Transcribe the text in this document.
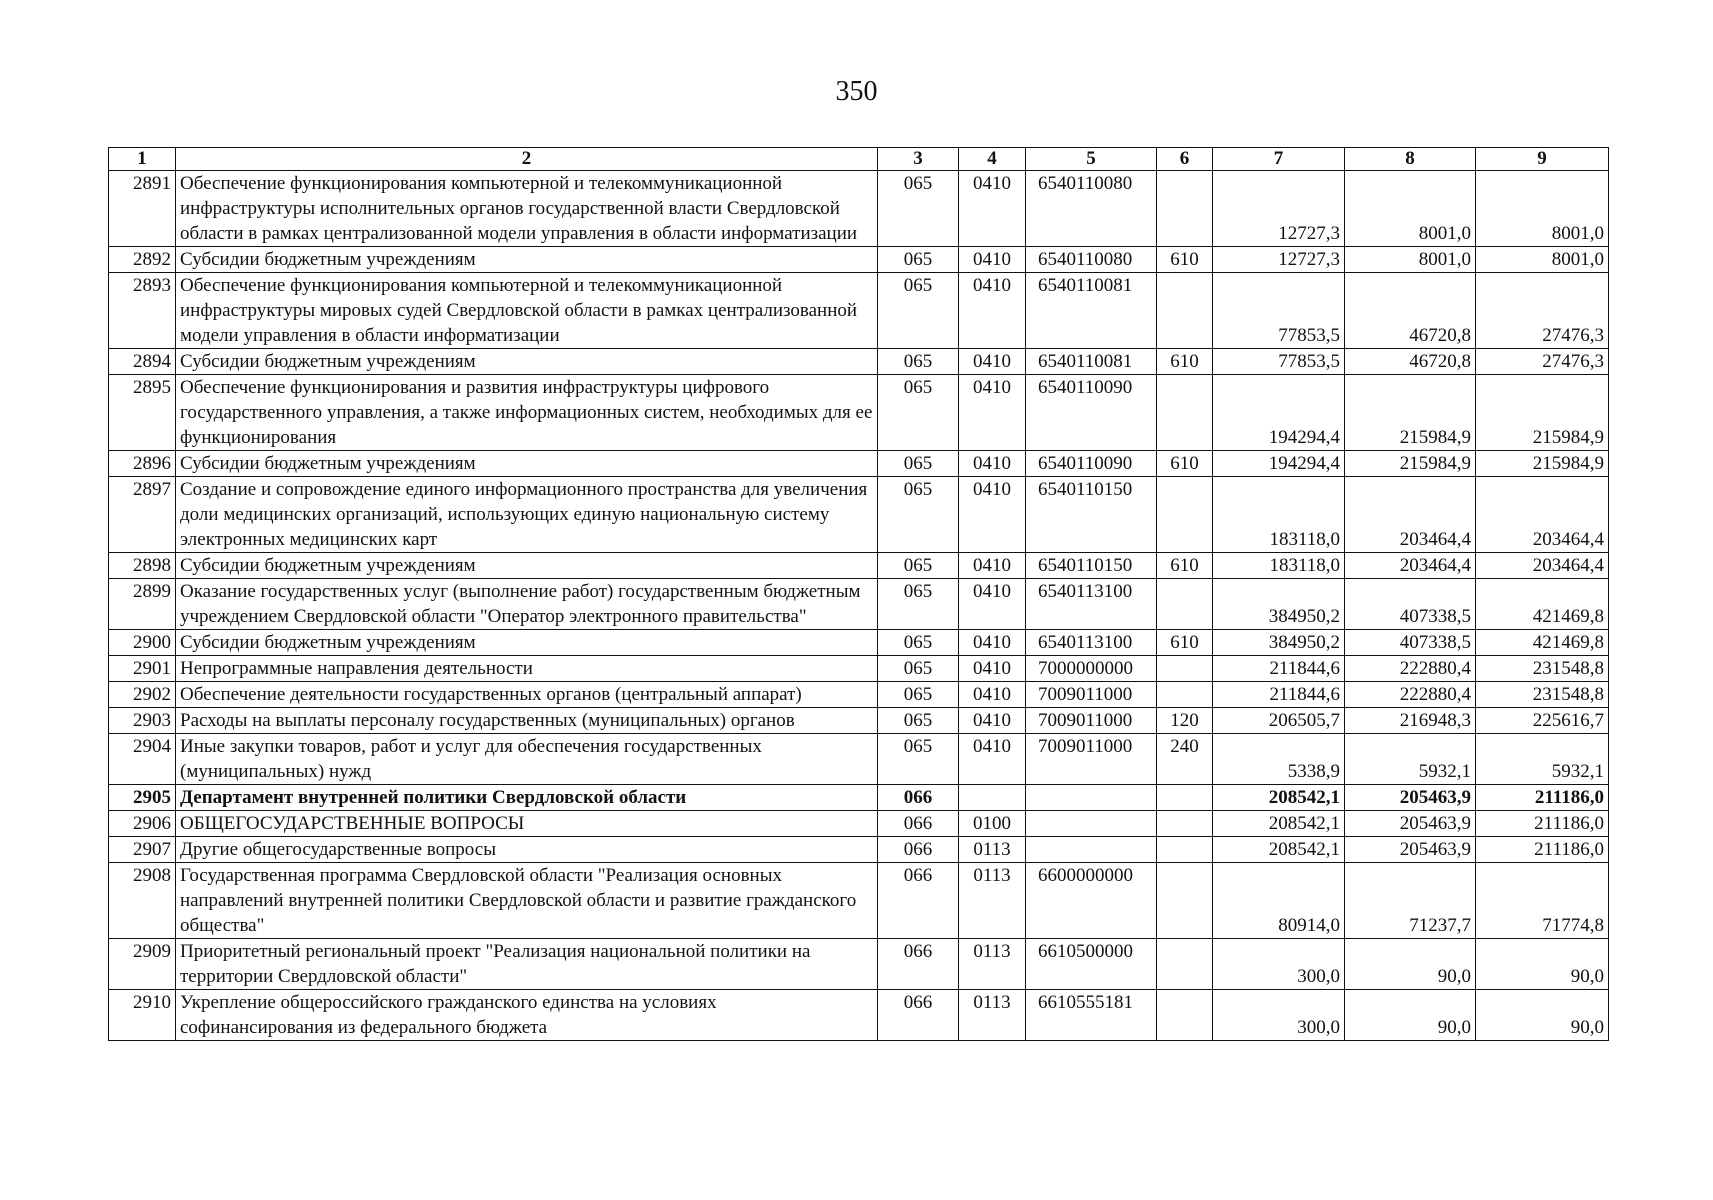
350
1	2	3	4	5	6	7	8	9
2891	Обеспечение функционирования компьютерной и телекоммуникационной инфраструктуры исполнительных органов государственной власти Свердловской области в рамках централизованной модели управления в области информатизации	065	0410	6540110080		12727,3	8001,0	8001,0
2892	Субсидии бюджетным учреждениям	065	0410	6540110080	610	12727,3	8001,0	8001,0
2893	Обеспечение функционирования компьютерной и телекоммуникационной инфраструктуры мировых судей Свердловской области в рамках централизованной модели управления в области информатизации	065	0410	6540110081		77853,5	46720,8	27476,3
2894	Субсидии бюджетным учреждениям	065	0410	6540110081	610	77853,5	46720,8	27476,3
2895	Обеспечение функционирования и развития инфраструктуры цифрового государственного управления, а также информационных систем, необходимых для ее функционирования	065	0410	6540110090		194294,4	215984,9	215984,9
2896	Субсидии бюджетным учреждениям	065	0410	6540110090	610	194294,4	215984,9	215984,9
2897	Создание и сопровождение единого информационного пространства для увеличения доли медицинских организаций, использующих единую национальную систему электронных медицинских карт	065	0410	6540110150		183118,0	203464,4	203464,4
2898	Субсидии бюджетным учреждениям	065	0410	6540110150	610	183118,0	203464,4	203464,4
2899	Оказание государственных услуг (выполнение работ) государственным бюджетным учреждением Свердловской области "Оператор электронного правительства"	065	0410	6540113100		384950,2	407338,5	421469,8
2900	Субсидии бюджетным учреждениям	065	0410	6540113100	610	384950,2	407338,5	421469,8
2901	Непрограммные направления деятельности	065	0410	7000000000		211844,6	222880,4	231548,8
2902	Обеспечение деятельности государственных органов (центральный аппарат)	065	0410	7009011000		211844,6	222880,4	231548,8
2903	Расходы на выплаты персоналу государственных (муниципальных) органов	065	0410	7009011000	120	206505,7	216948,3	225616,7
2904	Иные закупки товаров, работ и услуг для обеспечения государственных (муниципальных) нужд	065	0410	7009011000	240	5338,9	5932,1	5932,1
2905	Департамент внутренней политики Свердловской области	066				208542,1	205463,9	211186,0
2906	ОБЩЕГОСУДАРСТВЕННЫЕ ВОПРОСЫ	066	0100			208542,1	205463,9	211186,0
2907	Другие общегосударственные вопросы	066	0113			208542,1	205463,9	211186,0
2908	Государственная программа Свердловской области "Реализация основных направлений внутренней политики Свердловской области и развитие гражданского общества"	066	0113	6600000000		80914,0	71237,7	71774,8
2909	Приоритетный региональный проект "Реализация национальной политики на территории Свердловской области"	066	0113	6610500000		300,0	90,0	90,0
2910	Укрепление общероссийского гражданского единства на условиях софинансирования из федерального бюджета	066	0113	6610555181		300,0	90,0	90,0
